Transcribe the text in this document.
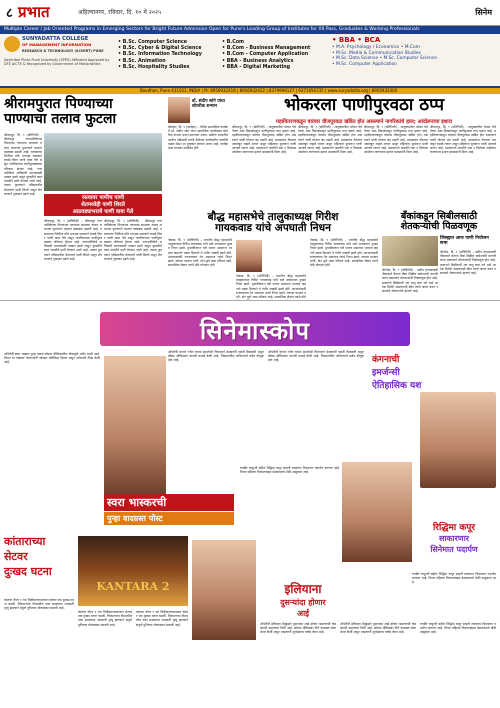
८ प्रभात	अहिल्यानगर, रविवार, दि. १० मे २०२५	सिनेम
Multiple Career / Job Oriented Programs in Emerging Sectors for Bright Future Admission Open for Pune's Leading Group of Institutes for XII Pass, Graduates & Working Professionals
SUNYADATTA COLLEGE
OF MANAGEMENT INFORMATION
RESEARCH & TECHNOLOGY (SCMIRT) PUNE
Savitribai Phule Pune University (SPPU) Affiliated Approved by DTE AICTE & Recognized by Government of Maharashtra
• B.Sc. Computer Science
• B.Sc. Cyber & Digital Science
• B.Sc. Information Technology
• B.Sc. Animation
• B.Sc. Hospitality Studies
• B.Com
• B.Com - Business Management
• B.Com - Computer Application
• BBA - Business Analytics
• BBA - Digital Marketing
• BBA • BCA
• M.A. Psychology / Economics • M.Com
• M.Sc. Media & Communication Studies
• M.Sc. Data Science • M.Sc. Computer Science
• M.Sc. Computer Application
Bavdhan, Pune 411021, INDIA | M: 8956932419 | 8956932422 | 8379998127 | 9371056735 | www.suryadatta.org | 8956932400
श्रीरामपुरात पिण्याच्या
पाण्याचा तलाव फुटला
श्रीरामपूर, दि. ९ (प्रतिनिधी) - श्रीरामपूर नगरपालिकेच्या पिण्याच्या पाण्याचा साठवण तलाव अचानक फुटल्याने शहरात खळबळ उडाली आहे. तलावाच्या भिंतीला मोठे भगदाड पडल्याने लाखो लिटर पाणी वाया गेले असून नागरिकांच्या पाणीपुरवठ्यावर परिणाम होणार आहे. नगरपालिकेचे अधिकारी घटनास्थळी दाखल झाले असून दुरुस्तीचे काम तातडीने हाती घेण्यात आले आहे. तलाव फुटल्याने परिसरातील शेतांमध्ये पाणी शिरले असून शेतकऱ्यांचे नुकसान झाले आहे.
रस्त्यावर पाणीच पाणी
शेतमध्येही पाणी शिरले
आठवड्याभराचे पाणी वाया गेले
श्रीरामपूर, दि. ९ (प्रतिनिधी) - श्रीरामपूर नगरपालिकेच्या पिण्याच्या पाण्याचा साठवण तलाव अचानक फुटल्याने शहरात खळबळ उडाली आहे. तलावाच्या भिंतीला मोठे भगदाड पडल्याने लाखो लिटर पाणी वाया गेले असून नागरिकांच्या पाणीपुरवठ्यावर परिणाम होणार आहे. नगरपालिकेचे अधिकारी घटनास्थळी दाखल झाले असून दुरुस्तीचे काम तातडीने हाती घेण्यात आले आहे. तलाव फुटल्याने परिसरातील शेतांमध्ये पाणी शिरले असून शेतकऱ्यांचे नुकसान झाले आहे.
श्रीरामपूर, दि. ९ (प्रतिनिधी) - श्रीरामपूर नगरपालिकेच्या पिण्याच्या पाण्याचा साठवण तलाव अचानक फुटल्याने शहरात खळबळ उडाली आहे. तलावाच्या भिंतीला मोठे भगदाड पडल्याने लाखो लिटर पाणी वाया गेले असून नागरिकांच्या पाणीपुरवठ्यावर परिणाम होणार आहे. नगरपालिकेचे अधिकारी घटनास्थळी दाखल झाले असून दुरुस्तीचे काम तातडीने हाती घेण्यात आले आहे. तलाव फुटल्याने परिसरातील शेतांमध्ये पाणी शिरले असून शेतकऱ्यांचे नुकसान झाले आहे.
डॉ. संदीप सांगे यांचा सोयरीक सन्मान
कोल्हार, दि. ९ (वार्ताहर) - येथील सामाजिक कार्यकर्ते डॉ. संदीप सांगे यांना सामाजिक कार्याबद्दल सोयरीक सन्मान प्रदान करण्यात आला. ग्रामीण भागातील आरोग्य सेवेसाठी त्यांनी केलेल्या उल्लेखनीय कार्याची दखल घेऊन हा पुरस्कार देण्यात आला आहे. कार्यक्रमास मान्यवर उपस्थित होते.
भोकरला पाणीपुरवठा ठप्प
महावितरणकडून वारंवार वीजपुरवठा खंडित होत असल्याने नागरिकांचे हाल; आंदोलनाचा इशारा
श्रीरामपूर, दि. ९ (प्रतिनिधी) - तालुक्यातील भोकर येथे गेल्या आठ दिवसांपासून पाणीपुरवठा ठप्प झाला आहे. महावितरणकडून वारंवार वीजपुरवठा खंडित होत असल्याने पाणी योजना बंद पडली आहे. ग्रामस्थांना टँकरवर अवलंबून राहावे लागत असून महिलांना दूरवरून पाणी आणावे लागत आहे. प्रशासनाने तातडीने लक्ष न दिल्यास आंदोलन करण्याचा इशारा ग्रामस्थांनी दिला आहे.
श्रीरामपूर, दि. ९ (प्रतिनिधी) - तालुक्यातील भोकर येथे गेल्या आठ दिवसांपासून पाणीपुरवठा ठप्प झाला आहे. महावितरणकडून वारंवार वीजपुरवठा खंडित होत असल्याने पाणी योजना बंद पडली आहे. ग्रामस्थांना टँकरवर अवलंबून राहावे लागत असून महिलांना दूरवरून पाणी आणावे लागत आहे. प्रशासनाने तातडीने लक्ष न दिल्यास आंदोलन करण्याचा इशारा ग्रामस्थांनी दिला आहे.
श्रीरामपूर, दि. ९ (प्रतिनिधी) - तालुक्यातील भोकर येथे गेल्या आठ दिवसांपासून पाणीपुरवठा ठप्प झाला आहे. महावितरणकडून वारंवार वीजपुरवठा खंडित होत असल्याने पाणी योजना बंद पडली आहे. ग्रामस्थांना टँकरवर अवलंबून राहावे लागत असून महिलांना दूरवरून पाणी आणावे लागत आहे. प्रशासनाने तातडीने लक्ष न दिल्यास आंदोलन करण्याचा इशारा ग्रामस्थांनी दिला आहे.
श्रीरामपूर, दि. ९ (प्रतिनिधी) - तालुक्यातील भोकर येथे गेल्या आठ दिवसांपासून पाणीपुरवठा ठप्प झाला आहे. महावितरणकडून वारंवार वीजपुरवठा खंडित होत असल्याने पाणी योजना बंद पडली आहे. ग्रामस्थांना टँकरवर अवलंबून राहावे लागत असून महिलांना दूरवरून पाणी आणावे लागत आहे. प्रशासनाने तातडीने लक्ष न दिल्यास आंदोलन करण्याचा इशारा ग्रामस्थांनी दिला आहे.
बौद्ध महासभेचे तालुकाध्यक्ष गिरीश
गायकवाड यांचे अपघाती निधन
नेवासा, दि. ९ (प्रतिनिधी) - भारतीय बौद्ध महासभेचे तालुकाध्यक्ष गिरीश गायकवाड यांचे रस्ते अपघातात दुःखद निधन झाले. दुचाकीवरून घरी परतत असताना भरधाव वाहनाने धडक दिल्याने ते गंभीर जखमी झाले होते. उपचारासाठी रुग्णालयात नेत असताना त्यांचे निधन झाले. त्यांच्या पश्चात पत्नी, दोन मुले असा परिवार आहे. सामाजिक क्षेत्रात त्यांचे मोठे योगदान होते.
नेवासा, दि. ९ (प्रतिनिधी) - भारतीय बौद्ध महासभेचे तालुकाध्यक्ष गिरीश गायकवाड यांचे रस्ते अपघातात दुःखद निधन झाले. दुचाकीवरून घरी परतत असताना भरधाव वाहनाने धडक दिल्याने ते गंभीर जखमी झाले होते. उपचारासाठी रुग्णालयात नेत असताना त्यांचे निधन झाले. त्यांच्या पश्चात पत्नी, दोन मुले असा परिवार आहे. सामाजिक क्षेत्रात त्यांचे मोठे
नेवासा, दि. ९ (प्रतिनिधी) - भारतीय बौद्ध महासभेचे तालुकाध्यक्ष गिरीश गायकवाड यांचे रस्ते अपघातात दुःखद निधन झाले. दुचाकीवरून घरी परतत असताना भरधाव वाहनाने धडक दिल्याने ते गंभीर जखमी झाले होते. उपचारासाठी रुग्णालयात नेत असताना त्यांचे निधन झाले. त्यांच्या पश्चात पत्नी, दोन मुले असा परिवार आहे. सामाजिक क्षेत्रात त्यांचे मोठे योगदान होते.
बँकांकडून सिबीलसाठी
शेतकऱ्यांची पिळवणूक
श्रीगोंदा, दि. ९ (प्रतिनिधी) - खरीप हंगामासाठी पीककर्ज घेताना बँका सिबील स्कोअरची मागणी करत असल्याने शेतकऱ्यांची पिळवणूक होत आहे. शासनाने सिबीलची अट लागू करू नये असे आदेश दिलेले असतानाही बँका त्याचे पालन करत नसल्याचे शेतकऱ्यांचे म्हणणे आहे.
जिल्ह्यात आज पाणी नियोजन सभा
श्रीगोंदा, दि. ९ (प्रतिनिधी) - खरीप हंगामासाठी पीककर्ज घेताना बँका सिबील स्कोअरची मागणी करत असल्याने शेतकऱ्यांची पिळवणूक होत आहे. शासनाने सिबीलची अट लागू करू नये असे आदेश दिलेले असतानाही बँका त्याचे पालन करत नसल्याचे शेतकऱ्यांचे म्हणणे आहे.
सिनेमास्कोप
अभिनेत्री कंगना रनौत यांच्या इमर्जन्सी चित्रपटाने प्रेक्षकांची पसंती मिळवली असून बॉक्स ऑफिसवर चांगली कमाई केली आहे. चित्रपटातील अभिनयाचे सर्वत्र कौतुक होत आहे.
अभिनेत्री कंगना रनौत यांच्या इमर्जन्सी चित्रपटाने प्रेक्षकांची पसंती मिळवली असून बॉक्स ऑफिसवर चांगली कमाई केली आहे. चित्रपटातील अभिनयाचे सर्वत्र कौतुक होत आहे.	कंगनाची
इमर्जन्सी
ऐतिहासिक यश
अभिनेत्री स्वरा भास्कर पुन्हा एकदा सोशल मीडियावरील पोस्टमुळे चर्चेत आली आहे. तिच्या या पोस्टवर नेटकऱ्यांनी जोरदार प्रतिक्रिया दिल्या असून अनेकांनी टीका केली आहे.
स्वरा भास्करची
पुन्हा वादग्रस्त पोस्ट
कांताराच्या
सेटवर
दुःखद घटना
KANTARA 2
कांतारा चॅप्टर १ च्या चित्रीकरणादरम्यान सेटवर एक दुःखद घटना घडली. चित्रपटाच्या टीममधील एका सदस्याचा अपघाती मृत्यू झाल्याने संपूर्ण युनिटवर शोककळा पसरली आहे.
कांतारा चॅप्टर १ च्या चित्रीकरणादरम्यान सेटवर एक दुःखद घटना घडली. चित्रपटाच्या टीममधील एका सदस्याचा अपघाती मृत्यू झाल्याने संपूर्ण युनिटवर शोककळा पसरली आहे.
कांतारा चॅप्टर १ च्या चित्रीकरणादरम्यान सेटवर एक दुःखद घटना घडली. चित्रपटाच्या टीममधील एका सदस्याचा अपघाती मृत्यू झाल्याने संपूर्ण युनिटवर शोककळा पसरली आहे.
रणबीर कपूरची बहीण रिद्धिमा कपूर साहनी लवकरच चित्रपटात पदार्पण करणार आहे. तिच्या पहिल्या चित्रपटाबद्दल प्रेक्षकांमध्ये मोठी उत्सुकता आहे.
रिद्धिमा कपूर
साकारणार
सिनेमात पदार्पण
इलियाना
दुसऱ्यांदा होणार
आई
अभिनेत्री इलियाना डिक्रूझने दुसऱ्यांदा आई होणार असल्याची गोड बातमी चाहत्यांना दिली आहे. सोशल मीडियावर तिने याबाबत पोस्ट शेअर केली असून चाहत्यांनी शुभेच्छांचा वर्षाव केला आहे.
अभिनेत्री इलियाना डिक्रूझने दुसऱ्यांदा आई होणार असल्याची गोड बातमी चाहत्यांना दिली आहे. सोशल मीडियावर तिने याबाबत पोस्ट शेअर केली असून चाहत्यांनी शुभेच्छांचा वर्षाव केला आहे.
रणबीर कपूरची बहीण रिद्धिमा कपूर साहनी लवकरच चित्रपटात पदार्पण करणार आहे. तिच्या पहिल्या चित्रपटाबद्दल प्रेक्षकांमध्ये मोठी उत्सुकता आहे.
रणबीर कपूरची बहीण रिद्धिमा कपूर साहनी लवकरच चित्रपटात पदार्पण करणार आहे. तिच्या पहिल्या चित्रपटाबद्दल प्रेक्षकांमध्ये मोठी उत्सुकता आहे.
